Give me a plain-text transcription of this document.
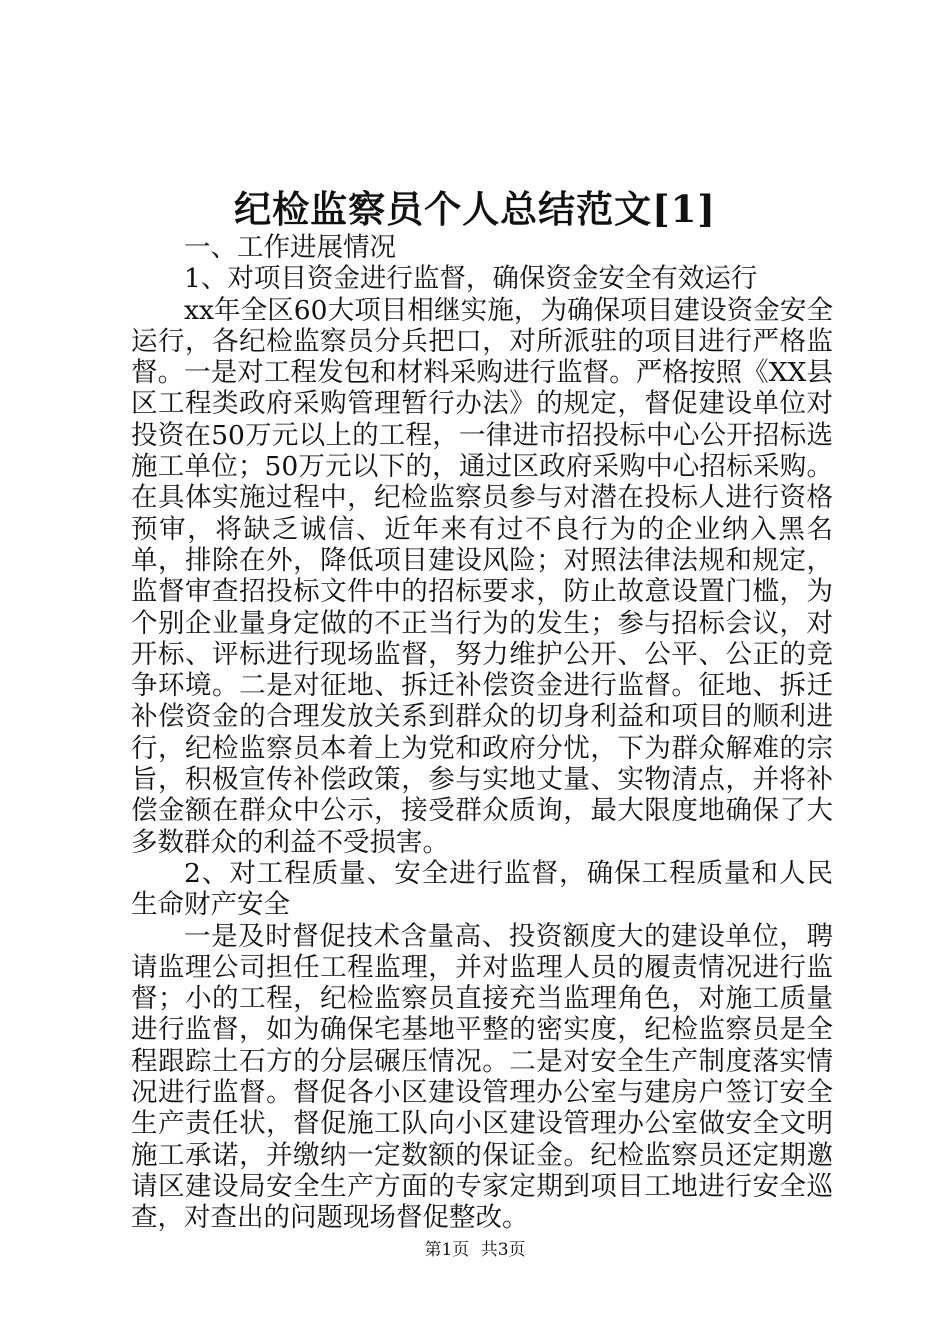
纪检监察员个人总结范文[1]

一、工作进展情况

1、对项目资金进行监督，确保资金安全有效运行

xx年全区60大项目相继实施，为确保项目建设资金安全运行，各纪检监察员分兵把口，对所派驻的项目进行严格监督。一是对工程发包和材料采购进行监督。严格按照《XX县区工程类政府采购管理暂行办法》的规定，督促建设单位对投资在50万元以上的工程，一律进市招投标中心公开招标选施工单位；50万元以下的，通过区政府采购中心招标采购。在具体实施过程中，纪检监察员参与对潜在投标人进行资格预审，将缺乏诚信、近年来有过不良行为的企业纳入黑名单，排除在外，降低项目建设风险；对照法律法规和规定，监督审查招投标文件中的招标要求，防止故意设置门槛，为个别企业量身定做的不正当行为的发生；参与招标会议，对开标、评标进行现场监督，努力维护公开、公平、公正的竞争环境。二是对征地、拆迁补偿资金进行监督。征地、拆迁补偿资金的合理发放关系到群众的切身利益和项目的顺利进行，纪检监察员本着上为党和政府分忧，下为群众解难的宗旨，积极宣传补偿政策，参与实地丈量、实物清点，并将补偿金额在群众中公示，接受群众质询，最大限度地确保了大多数群众的利益不受损害。

2、对工程质量、安全进行监督，确保工程质量和人民生命财产安全

一是及时督促技术含量高、投资额度大的建设单位，聘请监理公司担任工程监理，并对监理人员的履责情况进行监督；小的工程，纪检监察员直接充当监理角色，对施工质量进行监督，如为确保宅基地平整的密实度，纪检监察员是全程跟踪土石方的分层碾压情况。二是对安全生产制度落实情况进行监督。督促各小区建设管理办公室与建房户签订安全生产责任状，督促施工队向小区建设管理办公室做安全文明施工承诺，并缴纳一定数额的保证金。纪检监察员还定期邀请区建设局安全生产方面的专家定期到项目工地进行安全巡查，对查出的问题现场督促整改。

第1页 共3页
